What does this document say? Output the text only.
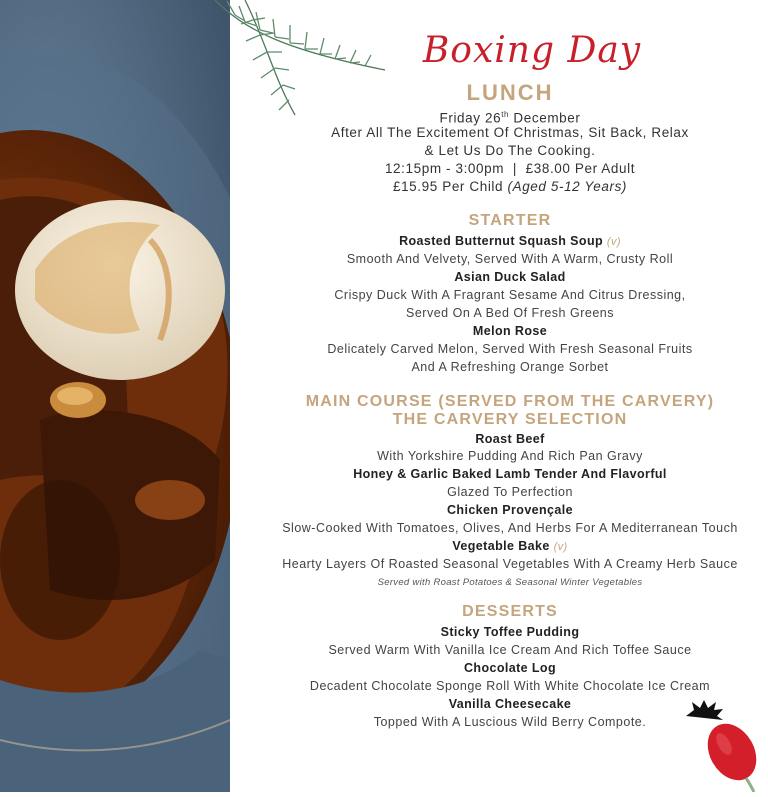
Boxing Day
LUNCH
Friday 26th December
After All The Excitement Of Christmas, Sit Back, Relax
& Let Us Do The Cooking.
12:15pm - 3:00pm | £38.00 Per Adult
£15.95 Per Child (Aged 5-12 Years)
STARTER
Roasted Butternut Squash Soup (v)
Smooth And Velvety, Served With A Warm, Crusty Roll
Asian Duck Salad
Crispy Duck With A Fragrant Sesame And Citrus Dressing,
Served On A Bed Of Fresh Greens
Melon Rose
Delicately Carved Melon, Served With Fresh Seasonal Fruits
And A Refreshing Orange Sorbet
MAIN COURSE (SERVED FROM THE CARVERY)
THE CARVERY SELECTION
Roast Beef
With Yorkshire Pudding And Rich Pan Gravy
Honey & Garlic Baked Lamb Tender And Flavorful
Glazed To Perfection
Chicken Provençale
Slow-Cooked With Tomatoes, Olives, And Herbs For A Mediterranean Touch
Vegetable Bake (v)
Hearty Layers Of Roasted Seasonal Vegetables With A Creamy Herb Sauce
Served with Roast Potatoes & Seasonal Winter Vegetables
DESSERTS
Sticky Toffee Pudding
Served Warm With Vanilla Ice Cream And Rich Toffee Sauce
Chocolate Log
Decadent Chocolate Sponge Roll With White Chocolate Ice Cream
Vanilla Cheesecake
Topped With A Luscious Wild Berry Compote.
